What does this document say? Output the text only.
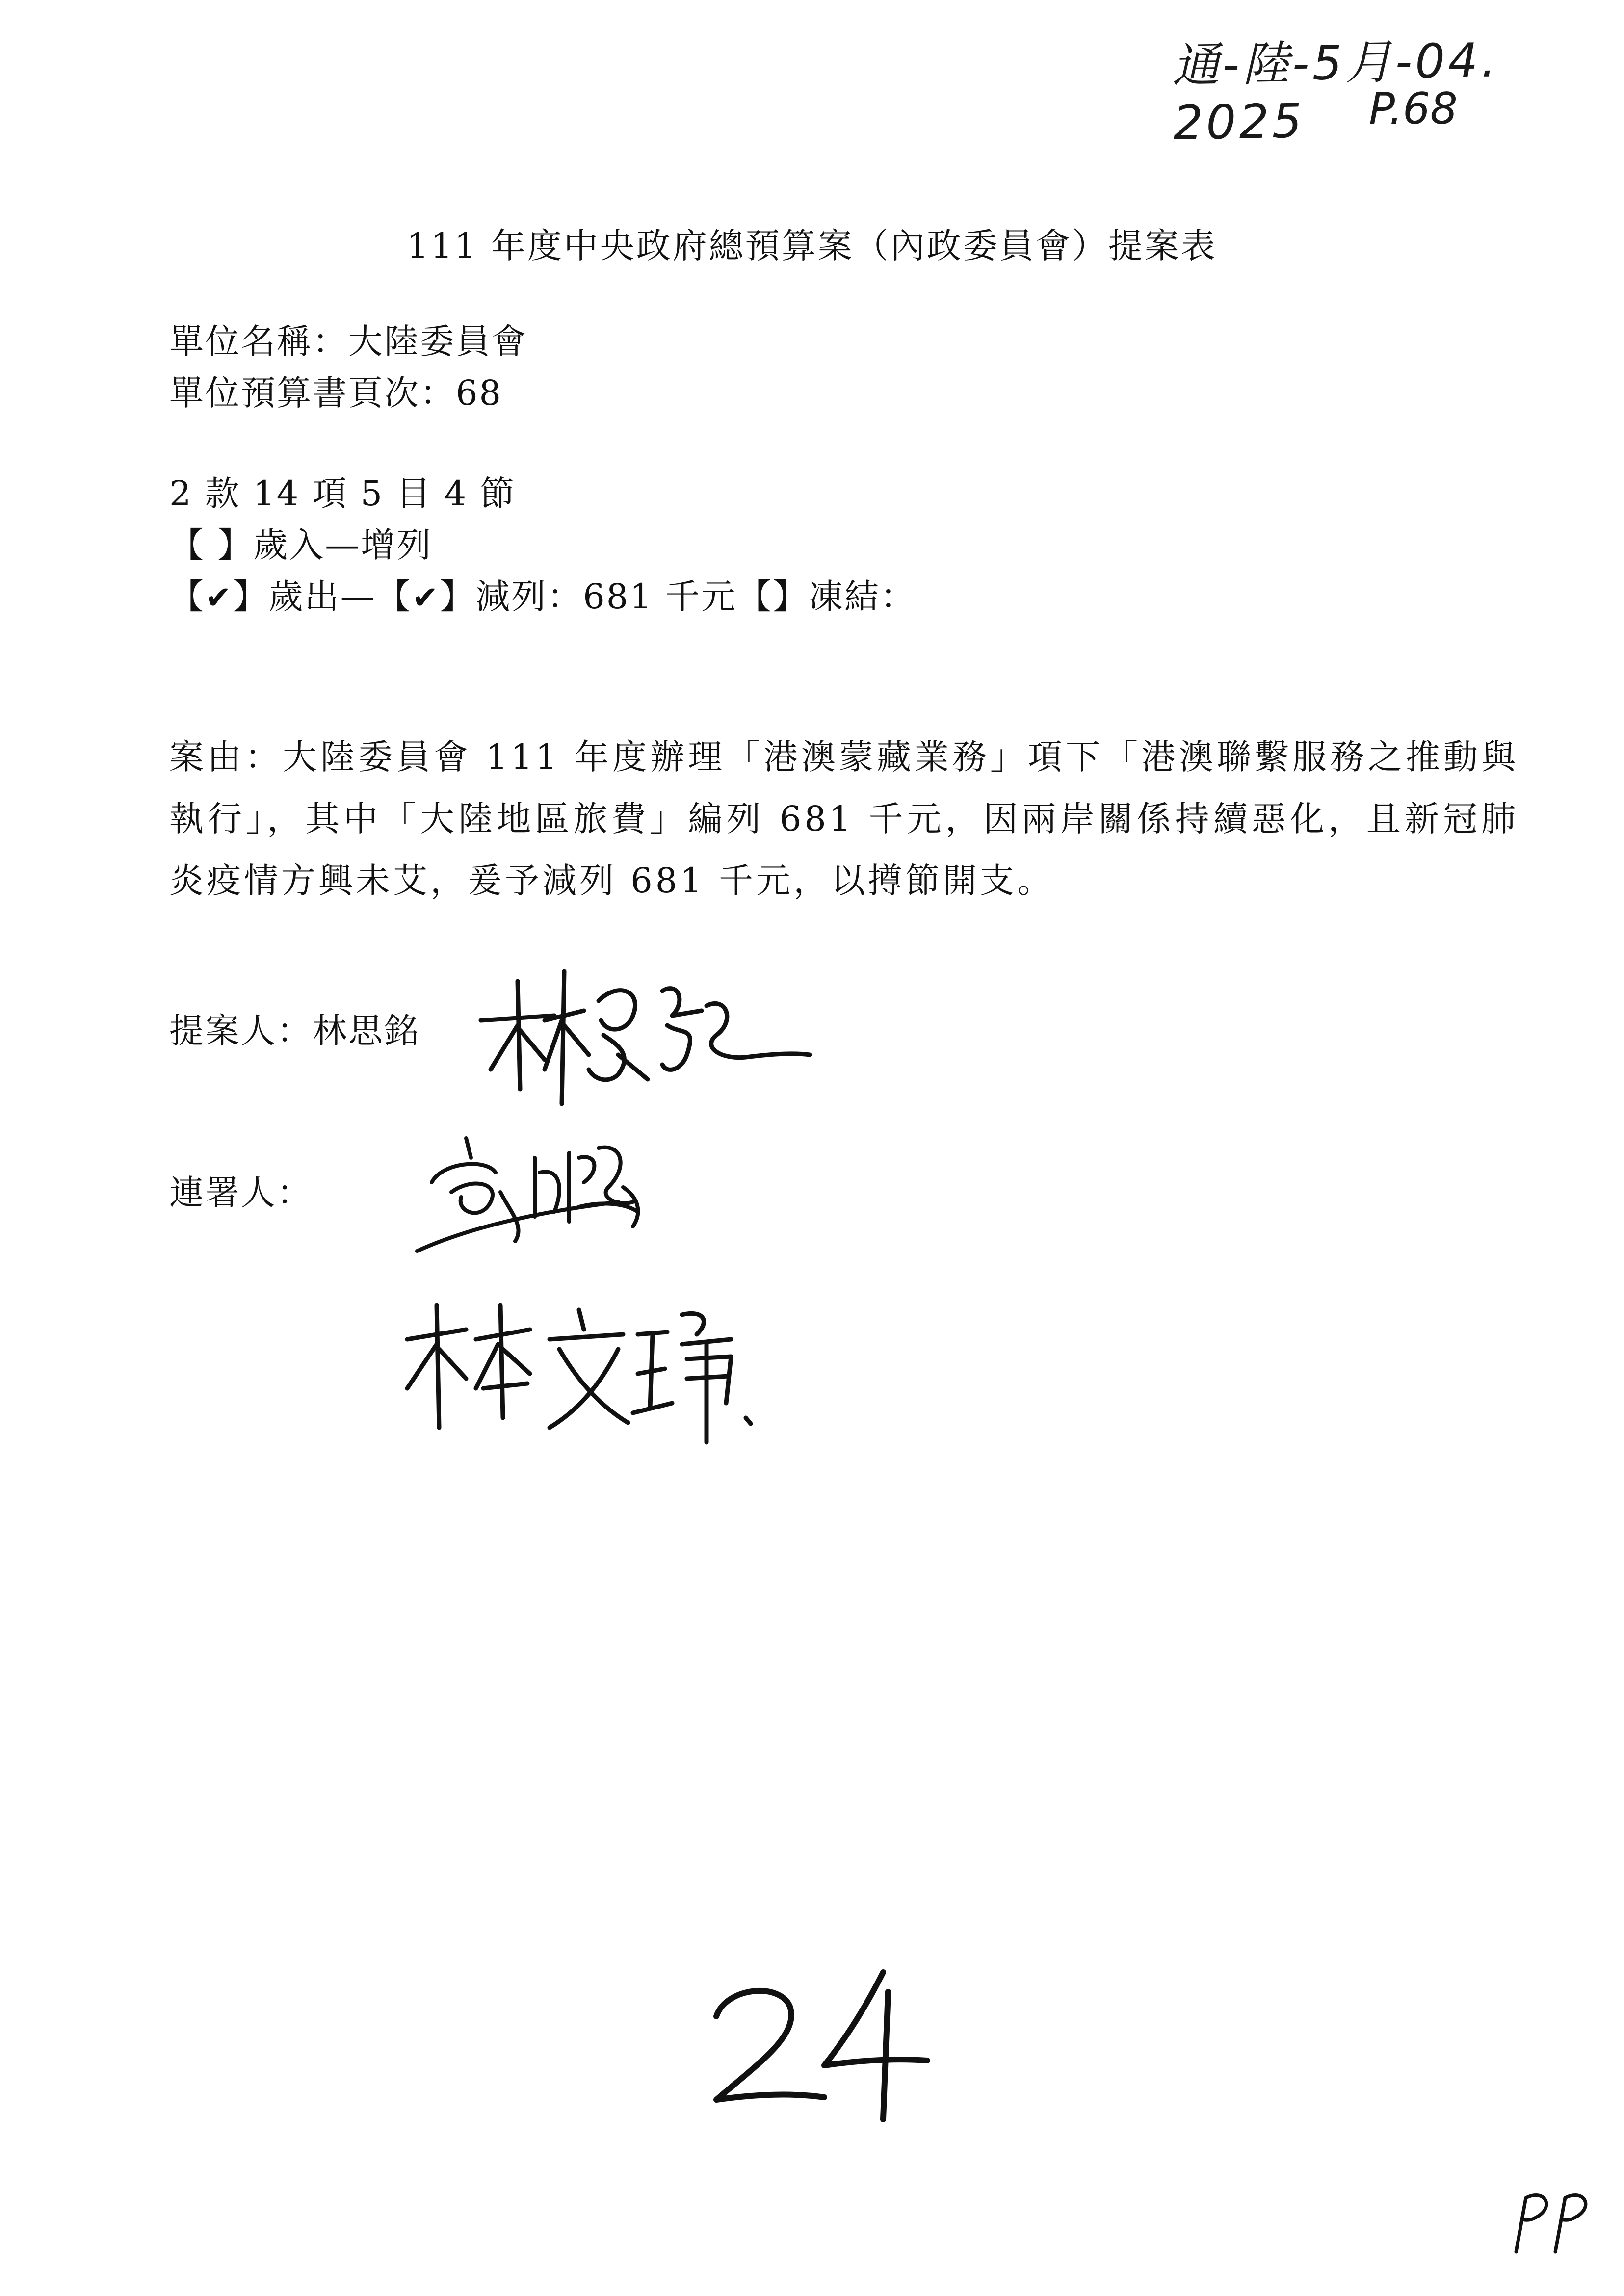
通-陸-5月-04. 2025	P.68
111 年度中央政府總預算案（內政委員會）提案表
單位名稱：大陸委員會
單位預算書頁次：68
2 款 14 項 5 目 4 節
【 】歲入—增列
【✔】歲出—【✔】減列：681 千元【】凍結：
案由：大陸委員會 111 年度辦理「港澳蒙藏業務」項下「港澳聯繫服務之推動與執行」，其中「大陸地區旅費」編列 681 千元，因兩岸關係持續惡化，且新冠肺炎疫情方興未艾，爰予減列 681 千元，以撙節開支。
提案人：林思銘
連署人：
